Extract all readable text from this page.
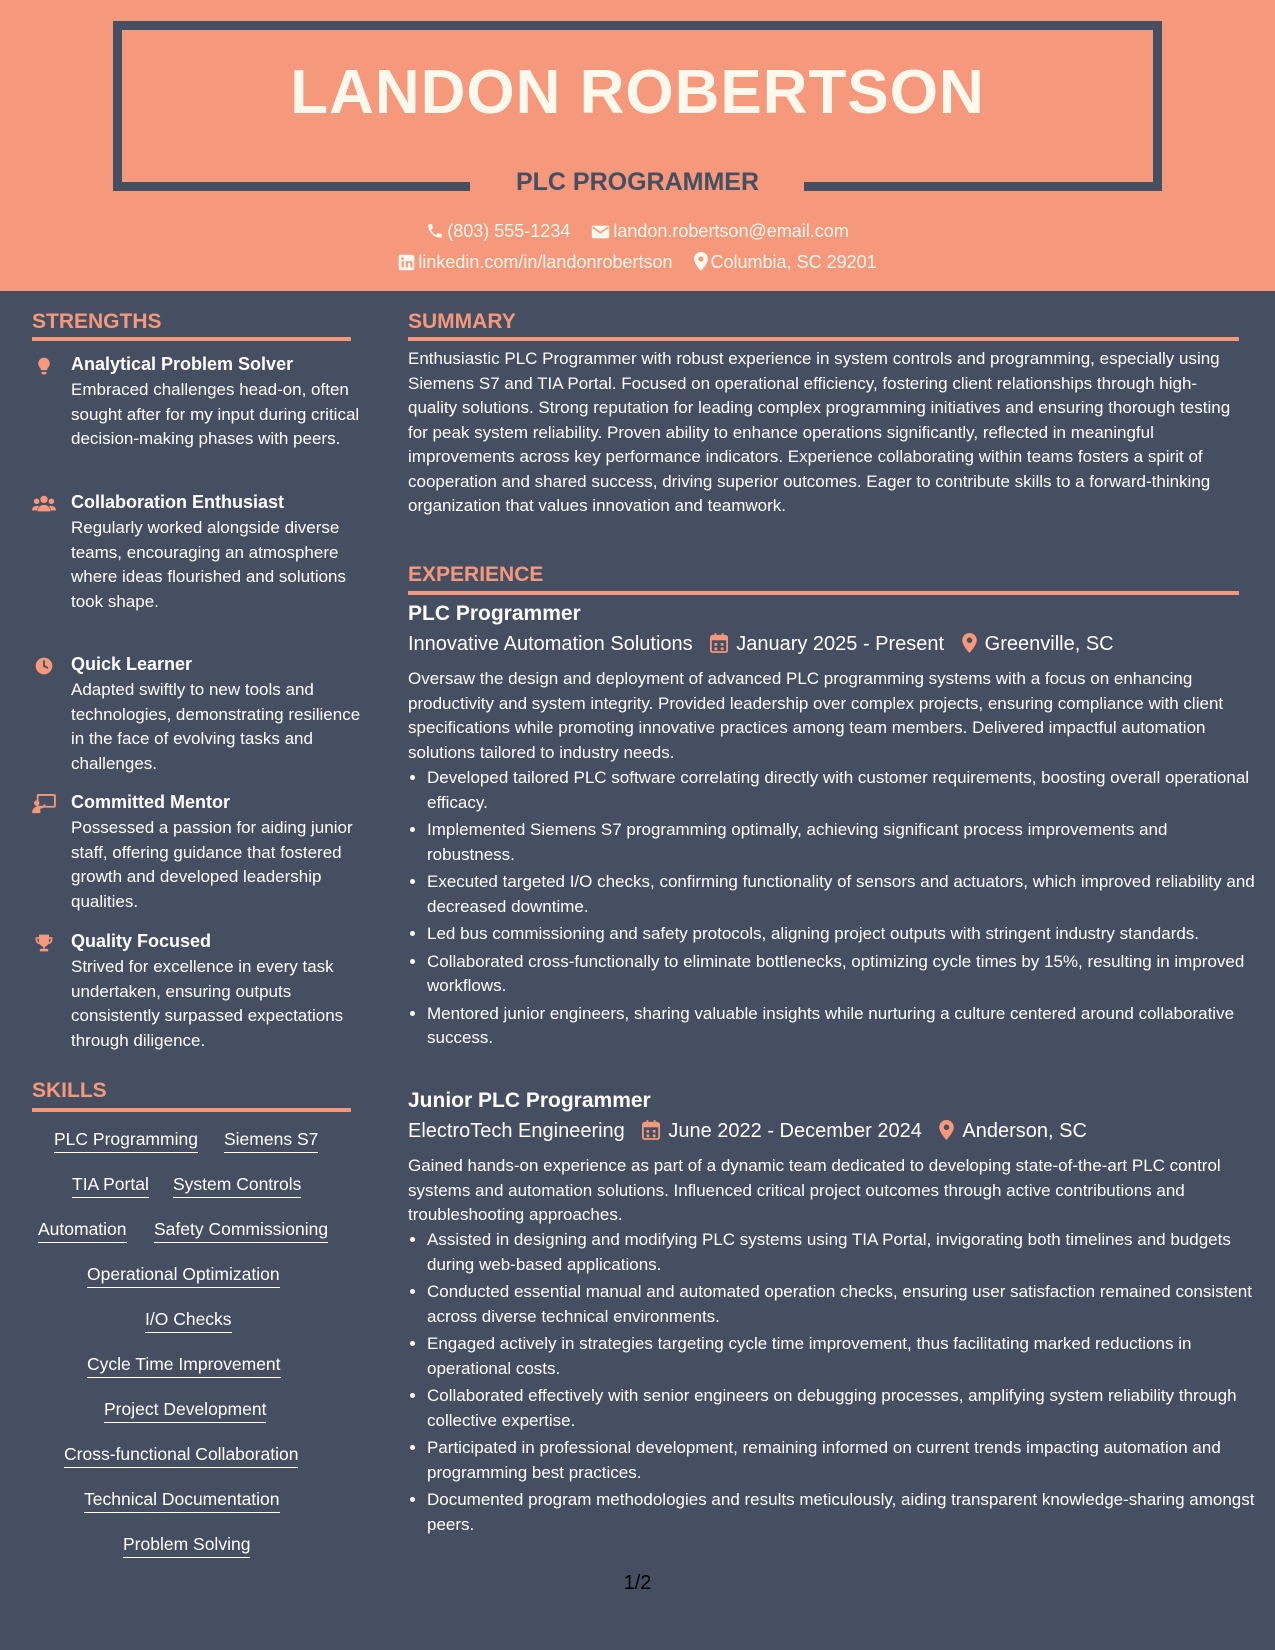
LANDON ROBERTSON
PLC PROGRAMMER
(803) 555-1234 landon.robertson@email.com
linkedin.com/in/landonrobertson Columbia, SC 29201
STRENGTHS
Analytical Problem Solver
Embraced challenges head-on, often sought after for my input during critical decision-making phases with peers.
Collaboration Enthusiast
Regularly worked alongside diverse teams, encouraging an atmosphere where ideas flourished and solutions took shape.
Quick Learner
Adapted swiftly to new tools and technologies, demonstrating resilience in the face of evolving tasks and challenges.
Committed Mentor
Possessed a passion for aiding junior staff, offering guidance that fostered growth and developed leadership qualities.
Quality Focused
Strived for excellence in every task undertaken, ensuring outputs consistently surpassed expectations through diligence.
SKILLS
PLC Programming Siemens S7
TIA Portal System Controls
Automation Safety Commissioning
Operational Optimization
I/O Checks
Cycle Time Improvement
Project Development
Cross-functional Collaboration
Technical Documentation
Problem Solving
SUMMARY
Enthusiastic PLC Programmer with robust experience in system controls and programming, especially using Siemens S7 and TIA Portal. Focused on operational efficiency, fostering client relationships through high-quality solutions. Strong reputation for leading complex programming initiatives and ensuring thorough testing for peak system reliability. Proven ability to enhance operations significantly, reflected in meaningful improvements across key performance indicators. Experience collaborating within teams fosters a spirit of cooperation and shared success, driving superior outcomes. Eager to contribute skills to a forward-thinking organization that values innovation and teamwork.
EXPERIENCE
PLC Programmer
Innovative Automation Solutions January 2025 - Present Greenville, SC
Oversaw the design and deployment of advanced PLC programming systems with a focus on enhancing productivity and system integrity. Provided leadership over complex projects, ensuring compliance with client specifications while promoting innovative practices among team members. Delivered impactful automation solutions tailored to industry needs.
• Developed tailored PLC software correlating directly with customer requirements, boosting overall operational efficacy.
• Implemented Siemens S7 programming optimally, achieving significant process improvements and robustness.
• Executed targeted I/O checks, confirming functionality of sensors and actuators, which improved reliability and decreased downtime.
• Led bus commissioning and safety protocols, aligning project outputs with stringent industry standards.
• Collaborated cross-functionally to eliminate bottlenecks, optimizing cycle times by 15%, resulting in improved workflows.
• Mentored junior engineers, sharing valuable insights while nurturing a culture centered around collaborative success.
Junior PLC Programmer
ElectroTech Engineering June 2022 - December 2024 Anderson, SC
Gained hands-on experience as part of a dynamic team dedicated to developing state-of-the-art PLC control systems and automation solutions. Influenced critical project outcomes through active contributions and troubleshooting approaches.
• Assisted in designing and modifying PLC systems using TIA Portal, invigorating both timelines and budgets during web-based applications.
• Conducted essential manual and automated operation checks, ensuring user satisfaction remained consistent across diverse technical environments.
• Engaged actively in strategies targeting cycle time improvement, thus facilitating marked reductions in operational costs.
• Collaborated effectively with senior engineers on debugging processes, amplifying system reliability through collective expertise.
• Participated in professional development, remaining informed on current trends impacting automation and programming best practices.
• Documented program methodologies and results meticulously, aiding transparent knowledge-sharing amongst peers.
1/2
